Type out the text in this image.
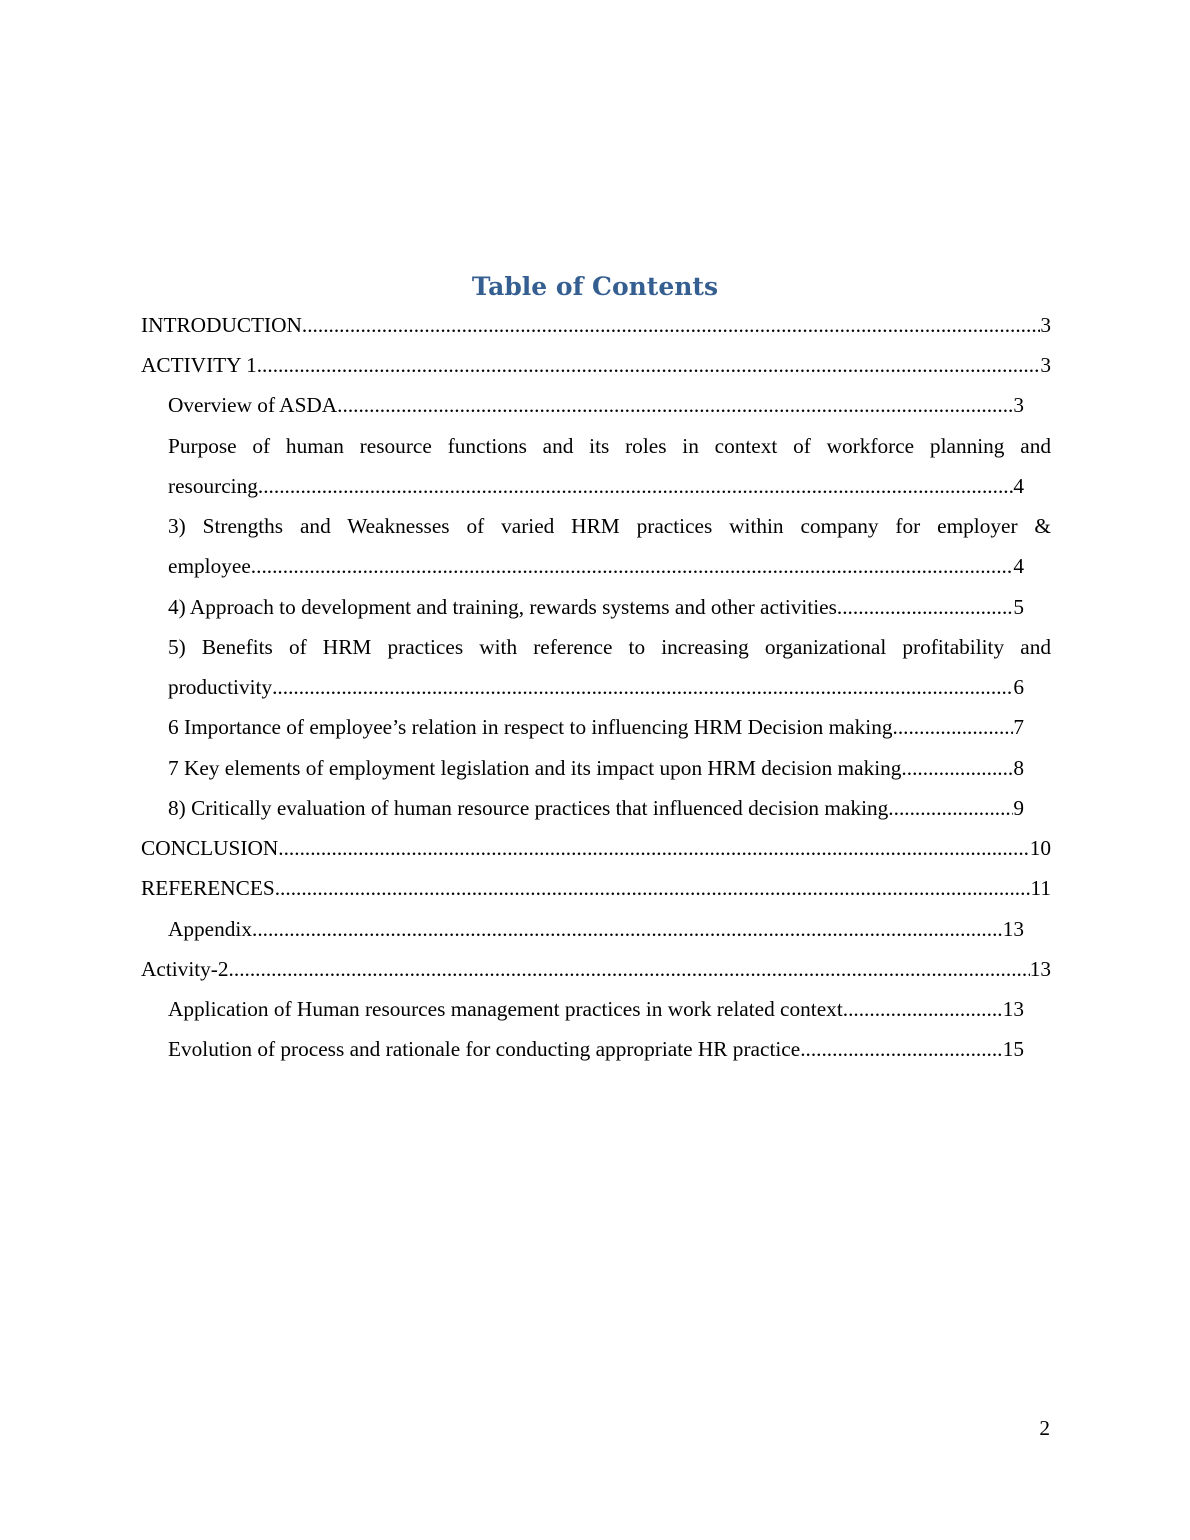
Table of Contents
INTRODUCTION .....	3
ACTIVITY 1 .....	3
Overview of ASDA .....	3
Purpose of human resource functions and its roles in context of workforce planning and
resourcing .....	4
3) Strengths and Weaknesses of varied HRM practices within company for employer &
employee .....	4
4) Approach to development and training, rewards systems and other activities .....	5
5) Benefits of HRM practices with reference to increasing organizational profitability and
productivity .....	6
6 Importance of employee’s relation in respect to influencing HRM Decision making .....	7
7 Key elements of employment legislation and its impact upon HRM decision making. .....	8
8) Critically evaluation of human resource practices that influenced decision making .....	9
CONCLUSION .....	10
REFERENCES .....	11
Appendix .....	13
Activity-2 .....	13
Application of Human resources management practices in work related context .....	13
Evolution of process and rationale for conducting appropriate HR practice .....	15
2
